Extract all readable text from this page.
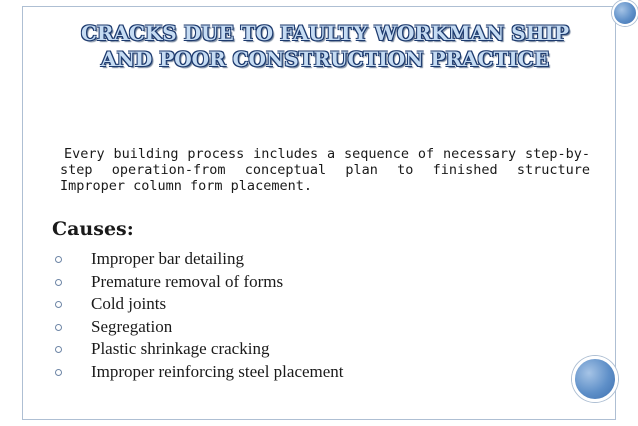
CRACKS DUE TO FAULTY WORKMAN SHIP AND POOR CONSTRUCTION PRACTICE

Every building process includes a sequence of necessary step-by-step operation-from conceptual plan to finished structure Improper column form placement.

Causes:
Improper bar detailing
Premature removal of forms
Cold joints
Segregation
Plastic shrinkage cracking
Improper reinforcing steel placement
